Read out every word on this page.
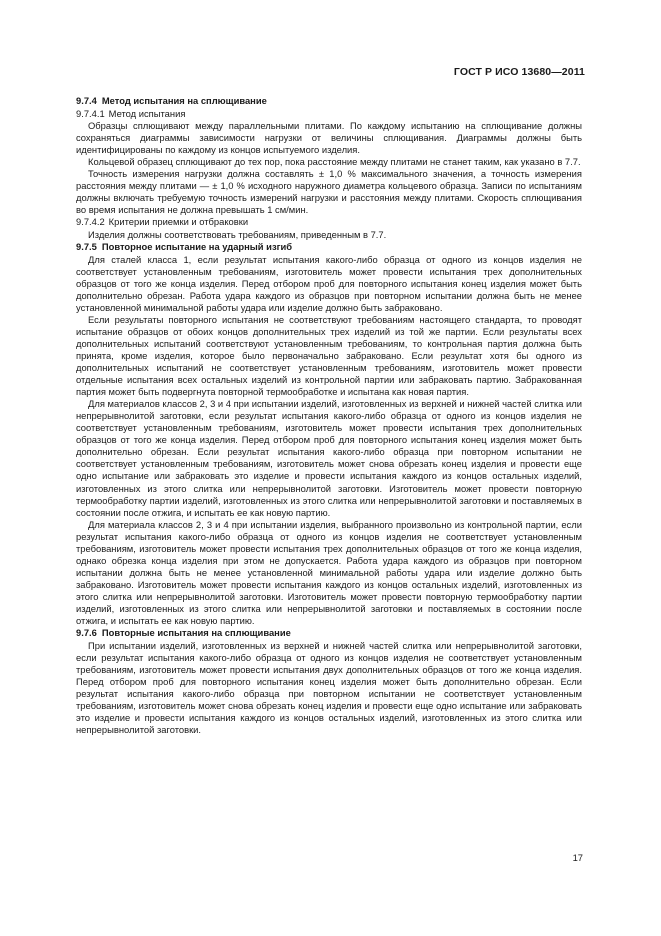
ГОСТ Р ИСО 13680—2011
9.7.4 Метод испытания на сплющивание
9.7.4.1 Метод испытания

Образцы сплющивают между параллельными плитами. По каждому испытанию на сплющивание должны сохраняться диаграммы зависимости нагрузки от величины сплющивания. Диаграммы должны быть идентифицированы по каждому из концов испытуемого изделия.

Кольцевой образец сплющивают до тех пор, пока расстояние между плитами не станет таким, как указано в 7.7.

Точность измерения нагрузки должна составлять ± 1,0 % максимального значения, а точность измерения расстояния между плитами — ± 1,0 % исходного наружного диаметра кольцевого образца. Записи по испытаниям должны включать требуемую точность измерений нагрузки и расстояния между плитами. Скорость сплющивания во время испытания не должна превышать 1 см/мин.

9.7.4.2 Критерии приемки и отбраковки

Изделия должны соответствовать требованиям, приведенным в 7.7.

9.7.5 Повторное испытание на ударный изгиб

Для сталей класса 1, если результат испытания какого-либо образца от одного из концов изделия не соответствует установленным требованиям, изготовитель может провести испытания трех дополнительных образцов от того же конца изделия. Перед отбором проб для повторного испытания конец изделия может быть дополнительно обрезан. Работа удара каждого из образцов при повторном испытании должна быть не менее установленной минимальной работы удара или изделие должно быть забраковано.

Если результаты повторного испытания не соответствуют требованиям настоящего стандарта, то проводят испытание образцов от обоих концов дополнительных трех изделий из той же партии. Если результаты всех дополнительных испытаний соответствуют установленным требованиям, то контрольная партия должна быть принята, кроме изделия, которое было первоначально забраковано. Если результат хотя бы одного из дополнительных испытаний не соответствует установленным требованиям, изготовитель может провести отдельные испытания всех остальных изделий из контрольной партии или забраковать партию. Забракованная партия может быть подвергнута повторной термообработке и испытана как новая партия.

Для материалов классов 2, 3 и 4 при испытании изделий, изготовленных из верхней и нижней частей слитка или непрерывнолитой заготовки, если результат испытания какого-либо образца от одного из концов изделия не соответствует установленным требованиям, изготовитель может провести испытания трех дополнительных образцов от того же конца изделия. Перед отбором проб для повторного испытания конец изделия может быть дополнительно обрезан. Если результат испытания какого-либо образца при повторном испытании не соответствует установленным требованиям, изготовитель может снова обрезать конец изделия и провести еще одно испытание или забраковать это изделие и провести испытания каждого из концов остальных изделий, изготовленных из этого слитка или непрерывнолитой заготовки. Изготовитель может провести повторную термообработку партии изделий, изготовленных из этого слитка или непрерывнолитой заготовки и поставляемых в состоянии после отжига, и испытать ее как новую партию.

Для материала классов 2, 3 и 4 при испытании изделия, выбранного произвольно из контрольной партии, если результат испытания какого-либо образца от одного из концов изделия не соответствует установленным требованиям, изготовитель может провести испытания трех дополнительных образцов от того же конца изделия, однако обрезка конца изделия при этом не допускается. Работа удара каждого из образцов при повторном испытании должна быть не менее установленной минимальной работы удара или изделие должно быть забраковано. Изготовитель может провести испытания каждого из концов остальных изделий, изготовленных из этого слитка или непрерывнолитой заготовки. Изготовитель может провести повторную термообработку партии изделий, изготовленных из этого слитка или непрерывнолитой заготовки и поставляемых в состоянии после отжига, и испытать ее как новую партию.

9.7.6 Повторные испытания на сплющивание

При испытании изделий, изготовленных из верхней и нижней частей слитка или непрерывнолитой заготовки, если результат испытания какого-либо образца от одного из концов изделия не соответствует установленным требованиям, изготовитель может провести испытания двух дополнительных образцов от того же конца изделия. Перед отбором проб для повторного испытания конец изделия может быть дополнительно обрезан. Если результат испытания какого-либо образца при повторном испытании не соответствует установленным требованиям, изготовитель может снова обрезать конец изделия и провести еще одно испытание или забраковать это изделие и провести испытания каждого из концов остальных изделий, изготовленных из этого слитка или непрерывнолитой заготовки.

17
